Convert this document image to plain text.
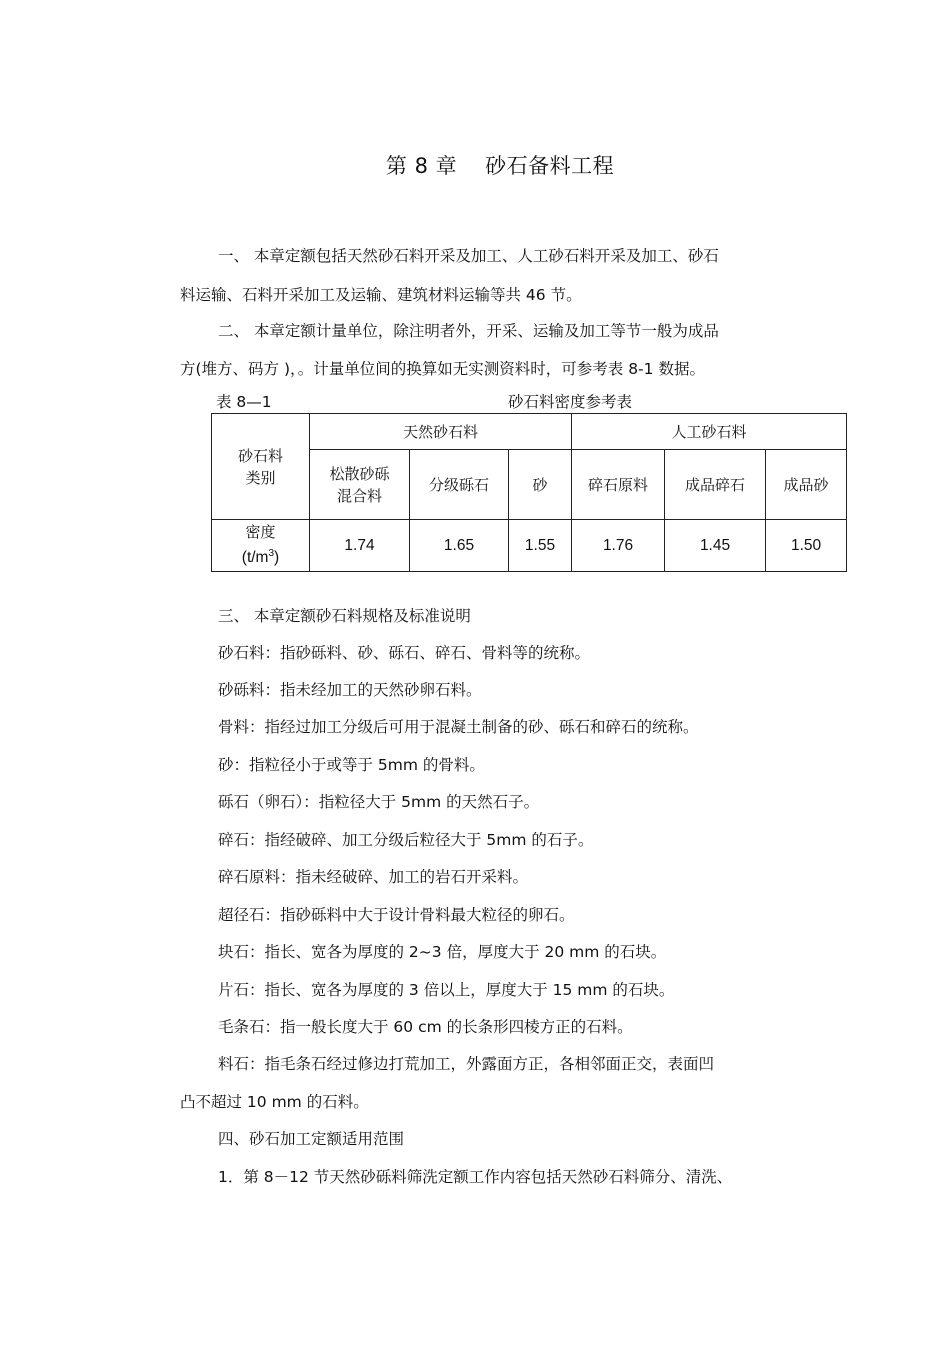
第 8 章 砂石备料工程
一、 本章定额包括天然砂石料开采及加工、人工砂石料开采及加工、砂石
料运输、石料开采加工及运输、建筑材料运输等共 46 节。
二、 本章定额计量单位，除注明者外，开采、运输及加工等节一般为成品
方(堆方、码方 )，。计量单位间的换算如无实测资料时，可参考表 8-1 数据。
表 8—1	砂石料密度参考表
砂石料
类别	天然砂石料			人工砂石料		

	松散砂砾
混合料	分级砾石	砂	碎石原料	成品碎石	成品砂

密度
$(t/m^3)$	1.74	1.65	1.55	1.76	1.45	1.50
三、 本章定额砂石料规格及标准说明
砂石料：指砂砾料、砂、砾石、碎石、骨料等的统称。
砂砾料：指未经加工的天然砂卵石料。
骨料：指经过加工分级后可用于混凝土制备的砂、砾石和碎石的统称。
砂：指粒径小于或等于 5mm 的骨料。
砾石（卵石）：指粒径大于 5mm 的天然石子。
碎石：指经破碎、加工分级后粒径大于 5mm 的石子。
碎石原料：指未经破碎、加工的岩石开采料。
超径石：指砂砾料中大于设计骨料最大粒径的卵石。
块石：指长、宽各为厚度的 2~3 倍，厚度大于 20 mm 的石块。
片石：指长、宽各为厚度的 3 倍以上，厚度大于 15 mm 的石块。
毛条石：指一般长度大于 60 cm 的长条形四棱方正的石料。
料石：指毛条石经过修边打荒加工，外露面方正，各相邻面正交，表面凹
凸不超过 10 mm 的石料。
四、砂石加工定额适用范围
1．第 8－12 节天然砂砾料筛洗定额工作内容包括天然砂石料筛分、清洗、
